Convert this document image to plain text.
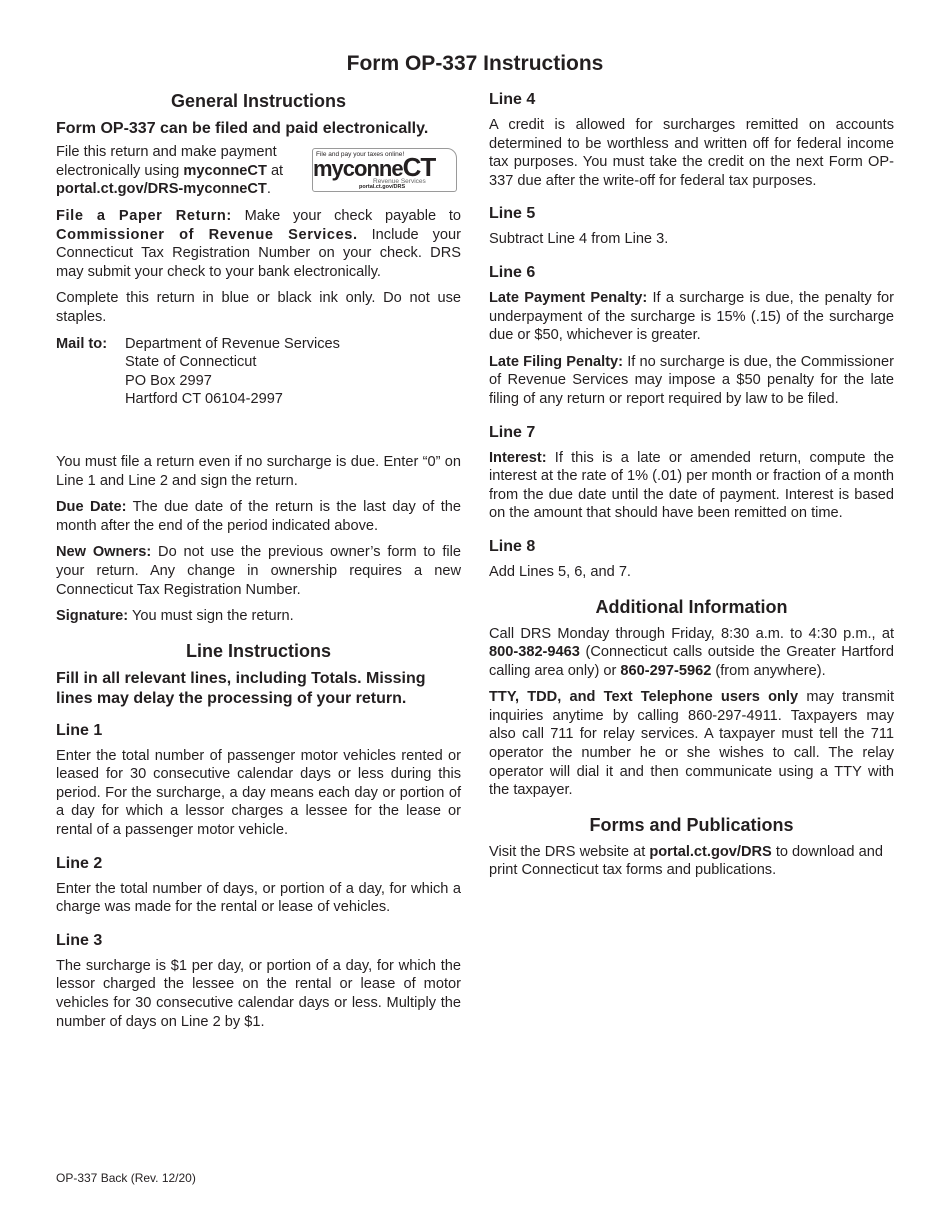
Form OP-337 Instructions
General Instructions
Form OP-337 can be filed and paid electronically.
File this return and make payment electronically using myconneCT at portal.ct.gov/DRS-myconneCT.
File and pay your taxes online!
myconneCT
Revenue Services
portal.ct.gov/DRS

File a Paper Return: Make your check payable to Commissioner of Revenue Services. Include your Connecticut Tax Registration Number on your check. DRS may submit your check to your bank electronically.

Complete this return in blue or black ink only. Do not use staples.

Mail to:	Department of Revenue Services
State of Connecticut
PO Box 2997
Hartford CT 06104-2997

You must file a return even if no surcharge is due. Enter “0” on Line 1 and Line 2 and sign the return.

Due Date: The due date of the return is the last day of the month after the end of the period indicated above.

New Owners: Do not use the previous owner’s form to file your return. Any change in ownership requires a new Connecticut Tax Registration Number.

Signature: You must sign the return.

Line Instructions
Fill in all relevant lines, including Totals. Missing lines may delay the processing of your return.
Line 1

Enter the total number of passenger motor vehicles rented or leased for 30 consecutive calendar days or less during this period. For the surcharge, a day means each day or portion of a day for which a lessor charges a lessee for the lease or rental of a passenger motor vehicle.

Line 2

Enter the total number of days, or portion of a day, for which a charge was made for the rental or lease of vehicles.

Line 3

The surcharge is $1 per day, or portion of a day, for which the lessor charged the lessee on the rental or lease of motor vehicles for 30 consecutive calendar days or less. Multiply the number of days on Line 2 by $1.

Line 4

A credit is allowed for surcharges remitted on accounts determined to be worthless and written off for federal income tax purposes. You must take the credit on the next Form OP-337 due after the write-off for federal tax purposes.

Line 5

Subtract Line 4 from Line 3.

Line 6

Late Payment Penalty: If a surcharge is due, the penalty for underpayment of the surcharge is 15% (.15) of the surcharge due or $50, whichever is greater.

Late Filing Penalty: If no surcharge is due, the Commissioner of Revenue Services may impose a $50 penalty for the late filing of any return or report required by law to be filed.

Line 7

Interest: If this is a late or amended return, compute the interest at the rate of 1% (.01) per month or fraction of a month from the due date until the date of payment. Interest is based on the amount that should have been remitted on time.

Line 8

Add Lines 5, 6, and 7.

Additional Information

Call DRS Monday through Friday, 8:30 a.m. to 4:30 p.m., at 800-382-9463 (Connecticut calls outside the Greater Hartford calling area only) or 860-297-5962 (from anywhere).

TTY, TDD, and Text Telephone users only may transmit inquiries anytime by calling 860-297-4911. Taxpayers may also call 711 for relay services. A taxpayer must tell the 711 operator the number he or she wishes to call. The relay operator will dial it and then communicate using a TTY with the taxpayer.

Forms and Publications

Visit the DRS website at portal.ct.gov/DRS to download and print Connecticut tax forms and publications.

OP-337 Back (Rev. 12/20)
